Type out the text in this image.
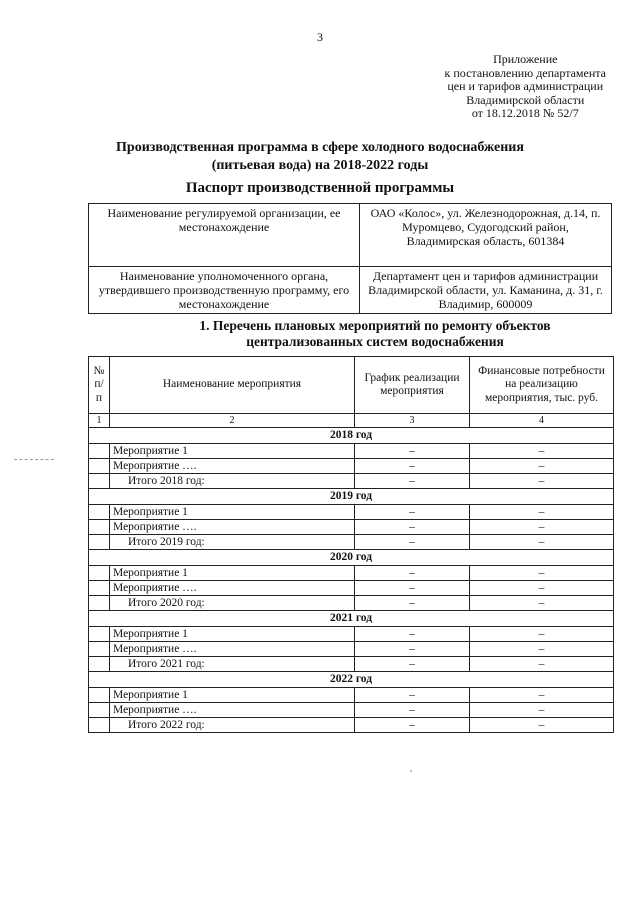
3
Приложение
к постановлению департамента
цен и тарифов администрации
Владимирской области
от 18.12.2018 № 52/7
Производственная программа в сфере холодного водоснабжения
(питьевая вода) на 2018-2022 годы
Паспорт производственной программы
Наименование регулируемой организации, ее местонахождение	ОАО «Колос», ул. Железнодорожная, д.14, п. Муромцево, Судогодский район, Владимирская область, 601384
Наименование уполномоченного органа, утвердившего производственную программу, его местонахождение	Департамент цен и тарифов администрации Владимирской области, ул. Каманина, д. 31, г. Владимир, 600009
1. Перечень плановых мероприятий по ремонту объектов
централизованных систем водоснабжения
№ п/п	Наименование мероприятия	График реализации мероприятия	Финансовые потребности на реализацию мероприятия, тыс. руб.
1	2	3	4
2018 год			
	Мероприятие 1	–	–
	Мероприятие ….	–	–
	Итого 2018 год:	–	–
2019 год			
	Мероприятие 1	–	–
	Мероприятие ….	–	–
	Итого 2019 год:	–	–
2020 год			
	Мероприятие 1	–	–
	Мероприятие ….	–	–
	Итого 2020 год:	–	–
2021 год			
	Мероприятие 1	–	–
	Мероприятие ….	–	–
	Итого 2021 год:	–	–
2022 год			
	Мероприятие 1	–	–
	Мероприятие ….	–	–
	Итого 2022 год:	–	–
